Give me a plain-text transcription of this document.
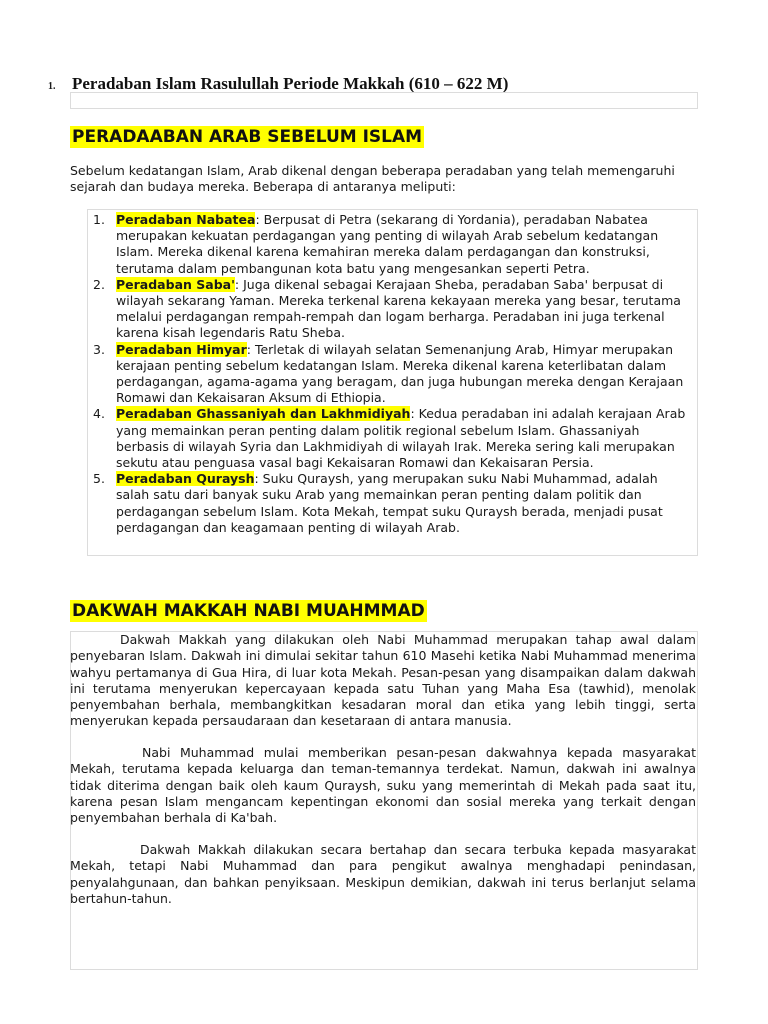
1. Peradaban Islam Rasulullah Periode Makkah (610 – 622 M)
PERADAABAN ARAB SEBELUM ISLAM
Sebelum kedatangan Islam, Arab dikenal dengan beberapa peradaban yang telah memengaruhi sejarah dan budaya mereka. Beberapa di antaranya meliputi:
1. Peradaban Nabatea: Berpusat di Petra (sekarang di Yordania), peradaban Nabatea merupakan kekuatan perdagangan yang penting di wilayah Arab sebelum kedatangan Islam. Mereka dikenal karena kemahiran mereka dalam perdagangan dan konstruksi, terutama dalam pembangunan kota batu yang mengesankan seperti Petra.
2. Peradaban Saba': Juga dikenal sebagai Kerajaan Sheba, peradaban Saba' berpusat di wilayah sekarang Yaman. Mereka terkenal karena kekayaan mereka yang besar, terutama melalui perdagangan rempah-rempah dan logam berharga. Peradaban ini juga terkenal karena kisah legendaris Ratu Sheba.
3. Peradaban Himyar: Terletak di wilayah selatan Semenanjung Arab, Himyar merupakan kerajaan penting sebelum kedatangan Islam. Mereka dikenal karena keterlibatan dalam perdagangan, agama-agama yang beragam, dan juga hubungan mereka dengan Kerajaan Romawi dan Kekaisaran Aksum di Ethiopia.
4. Peradaban Ghassaniyah dan Lakhmidiyah: Kedua peradaban ini adalah kerajaan Arab yang memainkan peran penting dalam politik regional sebelum Islam. Ghassaniyah berbasis di wilayah Syria dan Lakhmidiyah di wilayah Irak. Mereka sering kali merupakan sekutu atau penguasa vasal bagi Kekaisaran Romawi dan Kekaisaran Persia.
5. Peradaban Quraysh: Suku Quraysh, yang merupakan suku Nabi Muhammad, adalah salah satu dari banyak suku Arab yang memainkan peran penting dalam politik dan perdagangan sebelum Islam. Kota Mekah, tempat suku Quraysh berada, menjadi pusat perdagangan dan keagamaan penting di wilayah Arab.
DAKWAH MAKKAH NABI MUAHMMAD

Dakwah Makkah yang dilakukan oleh Nabi Muhammad merupakan tahap awal dalam penyebaran Islam. Dakwah ini dimulai sekitar tahun 610 Masehi ketika Nabi Muhammad menerima wahyu pertamanya di Gua Hira, di luar kota Mekah. Pesan-pesan yang disampaikan dalam dakwah ini terutama menyerukan kepercayaan kepada satu Tuhan yang Maha Esa (tawhid), menolak penyembahan berhala, membangkitkan kesadaran moral dan etika yang lebih tinggi, serta menyerukan kepada persaudaraan dan kesetaraan di antara manusia.

Nabi Muhammad mulai memberikan pesan-pesan dakwahnya kepada masyarakat Mekah, terutama kepada keluarga dan teman-temannya terdekat. Namun, dakwah ini awalnya tidak diterima dengan baik oleh kaum Quraysh, suku yang memerintah di Mekah pada saat itu, karena pesan Islam mengancam kepentingan ekonomi dan sosial mereka yang terkait dengan penyembahan berhala di Ka'bah.

Dakwah Makkah dilakukan secara bertahap dan secara terbuka kepada masyarakat Mekah, tetapi Nabi Muhammad dan para pengikut awalnya menghadapi penindasan, penyalahgunaan, dan bahkan penyiksaan. Meskipun demikian, dakwah ini terus berlanjut selama bertahun-tahun.
